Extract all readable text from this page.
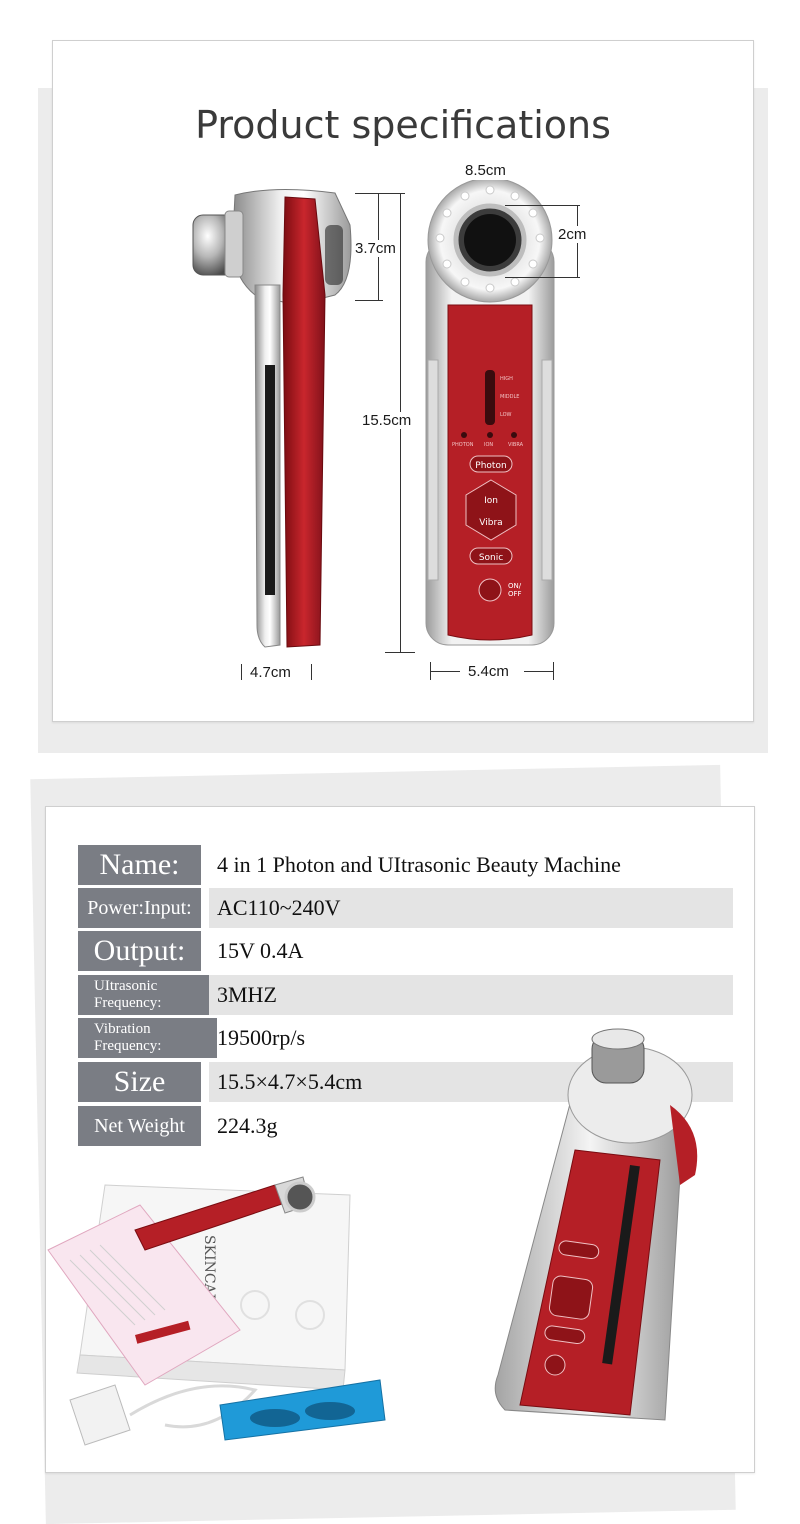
Product specifications
HIGH
MIDDLE
LOW
PHOTON ION	VIBRA
Photon
Ion
Vibra
Sonic
ON/
OFF
3.7cm
15.5cm
8.5cm
2cm
4.7cm	5.4cm
Name:	4 in 1 Photon and UItrasonic Beauty Machine
Power:Input:	AC110~240V
Output:	15V 0.4A
UItrasonic
Frequency:	3MHZ
Vibration
Frequency:	19500rp/s
Size	15.5×4.7×5.4cm
Net Weight	224.3g
SKINCARE
